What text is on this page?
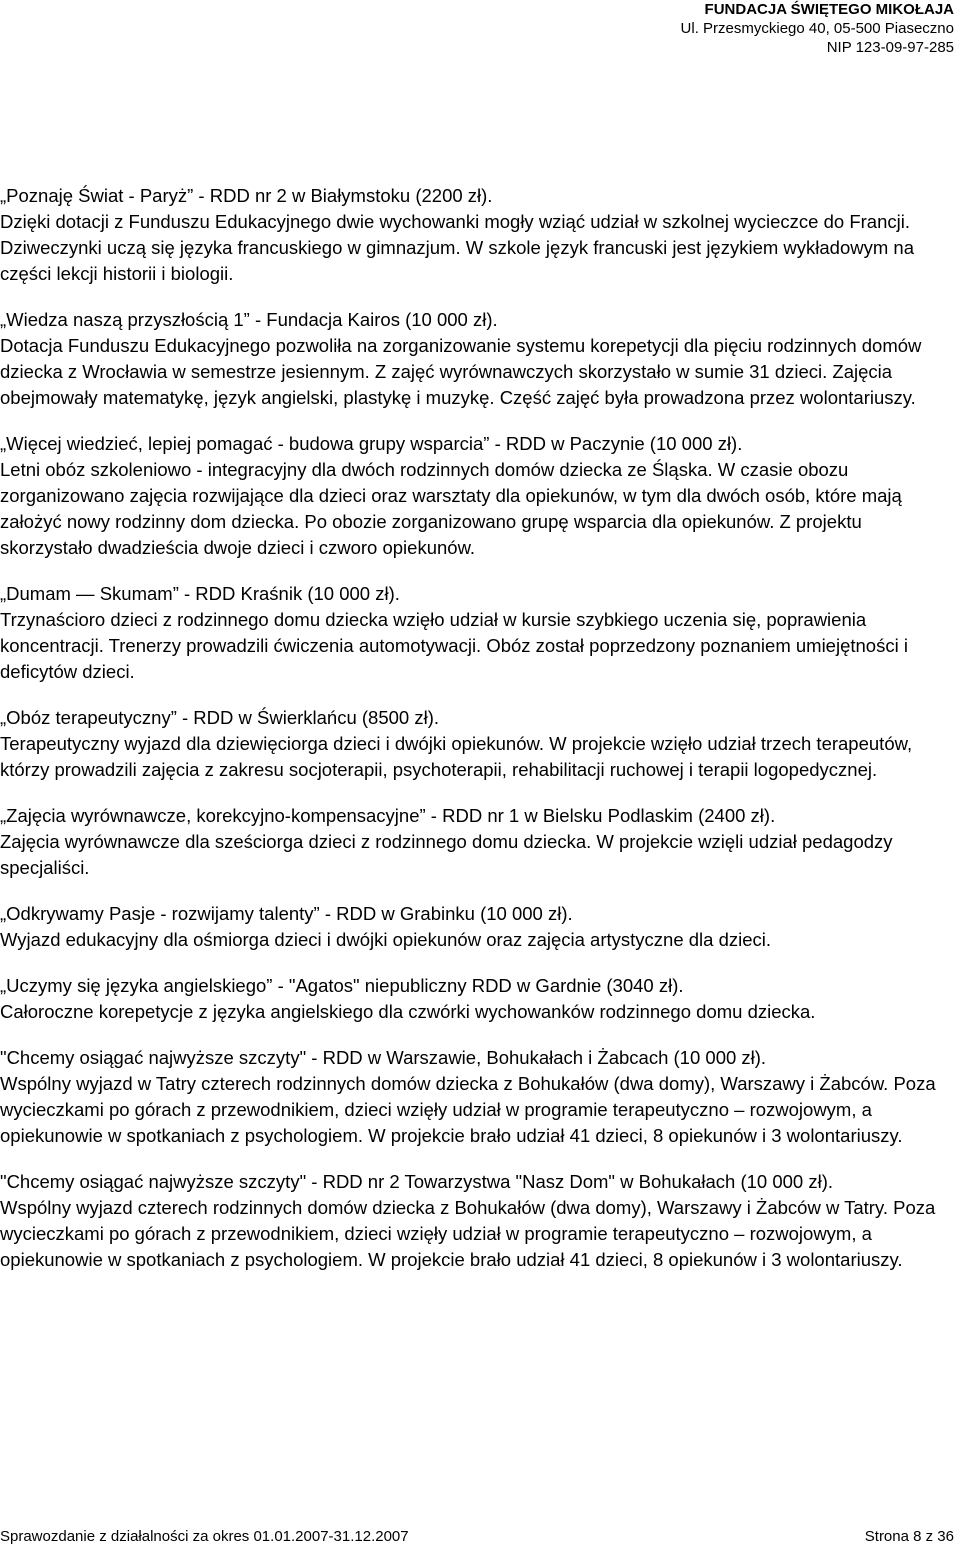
FUNDACJA ŚWIĘTEGO MIKOŁAJA
Ul. Przesmyckiego 40, 05-500 Piaseczno
NIP 123-09-97-285

„Poznaję Świat - Paryż” - RDD nr 2 w Białymstoku (2200 zł).

Dzięki dotacji z Funduszu Edukacyjnego dwie wychowanki mogły wziąć udział w szkolnej wycieczce do Francji. Dziweczynki uczą się języka francuskiego w gimnazjum. W szkole język francuski jest językiem wykładowym na części lekcji historii i biologii.

„Wiedza naszą przyszłością 1” - Fundacja Kairos (10 000 zł).

Dotacja Funduszu Edukacyjnego pozwoliła na zorganizowanie systemu korepetycji dla pięciu rodzinnych domów dziecka z Wrocławia w semestrze jesiennym. Z zajęć wyrównawczych skorzystało w sumie 31 dzieci. Zajęcia obejmowały matematykę, język angielski, plastykę i muzykę. Część zajęć była prowadzona przez wolontariuszy.

„Więcej wiedzieć, lepiej pomagać - budowa grupy wsparcia” - RDD w Paczynie (10 000 zł).

Letni obóz szkoleniowo - integracyjny dla dwóch rodzinnych domów dziecka ze Śląska. W czasie obozu zorganizowano zajęcia rozwijające dla dzieci oraz warsztaty dla opiekunów, w tym dla dwóch osób, które mają założyć nowy rodzinny dom dziecka. Po obozie zorganizowano grupę wsparcia dla opiekunów. Z projektu skorzystało dwadzieścia dwoje dzieci i czworo opiekunów.

„Dumam — Skumam” - RDD Kraśnik (10 000 zł).

Trzynaścioro dzieci z rodzinnego domu dziecka wzięło udział w kursie szybkiego uczenia się, poprawienia koncentracji. Trenerzy prowadzili ćwiczenia automotywacji. Obóz został poprzedzony poznaniem umiejętności i deficytów dzieci.

„Obóz terapeutyczny” - RDD w Świerklańcu (8500 zł).

Terapeutyczny wyjazd dla dziewięciorga dzieci i dwójki opiekunów. W projekcie wzięło udział trzech terapeutów, którzy prowadzili zajęcia z zakresu socjoterapii, psychoterapii, rehabilitacji ruchowej i terapii logopedycznej.

„Zajęcia wyrównawcze, korekcyjno-kompensacyjne” - RDD nr 1 w Bielsku Podlaskim (2400 zł).

Zajęcia wyrównawcze dla sześciorga dzieci z rodzinnego domu dziecka. W projekcie wzięli udział pedagodzy specjaliści.

„Odkrywamy Pasje - rozwijamy talenty” - RDD w Grabinku (10 000 zł).

Wyjazd edukacyjny dla ośmiorga dzieci i dwójki opiekunów oraz zajęcia artystyczne dla dzieci.

„Uczymy się języka angielskiego” - "Agatos" niepubliczny RDD w Gardnie (3040 zł).

Całoroczne korepetycje z języka angielskiego dla czwórki wychowanków rodzinnego domu dziecka.

"Chcemy osiągać najwyższe szczyty" - RDD w Warszawie, Bohukałach i Żabcach (10 000 zł).

Wspólny wyjazd w Tatry czterech rodzinnych domów dziecka z Bohukałów (dwa domy), Warszawy i Żabców. Poza wycieczkami po górach z przewodnikiem, dzieci wzięły udział w programie terapeutyczno – rozwojowym, a opiekunowie w spotkaniach z psychologiem. W projekcie brało udział 41 dzieci, 8 opiekunów i 3 wolontariuszy.

"Chcemy osiągać najwyższe szczyty" - RDD nr 2 Towarzystwa "Nasz Dom" w Bohukałach (10 000 zł).

Wspólny wyjazd czterech rodzinnych domów dziecka z Bohukałów (dwa domy), Warszawy i Żabców w Tatry. Poza wycieczkami po górach z przewodnikiem, dzieci wzięły udział w programie terapeutyczno – rozwojowym, a opiekunowie w spotkaniach z psychologiem. W projekcie brało udział 41 dzieci, 8 opiekunów i 3 wolontariuszy.

Sprawozdanie z działalności za okres 01.01.2007-31.12.2007	Strona 8 z 36
